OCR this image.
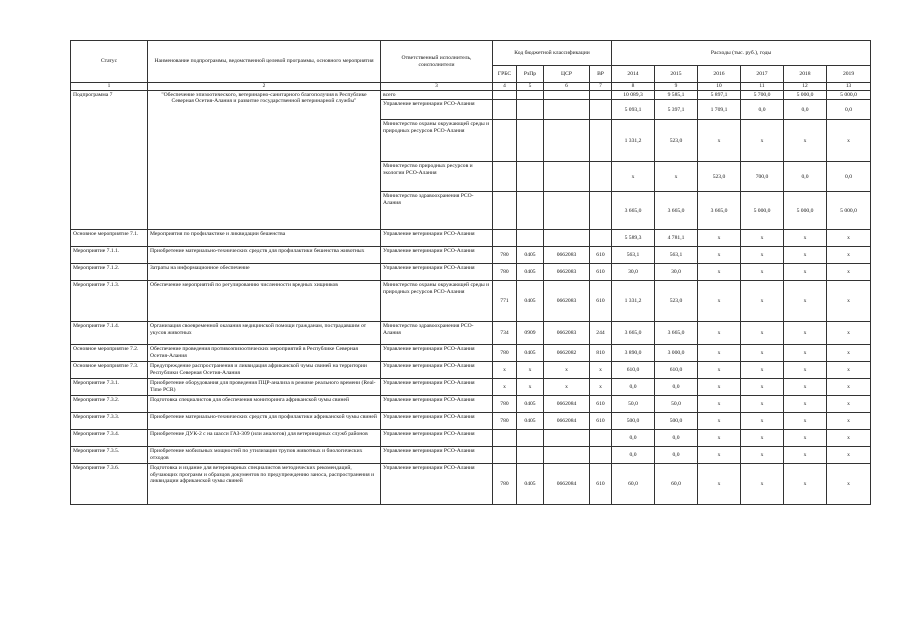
Статус	Наименование подпрограммы, ведомственной целевой программы, основного мероприятия	Ответственный исполнитель, соисполнители	Код бюджетной классификации				Расходы (тыс. руб.), годы					
			ГРБС	РзПр	ЦСР	ВР	2014	2015	2016	2017	2018	2019
1	2	3	4	5	6	7	8	9	10	11	12	13
Подпрограмма 7	"Обеспечение эпизоотического, ветеринарно-санитарного благополучия в Республике Северная Осетия-Алания и развитие государственной ветеринарной службы"	всего					10 089,3	9 585,1	5 897,1	5 700,0	5 000,0	5 000,0
		Управление ветеринарии РСО-Алания					5 093,1	5 397,1	1 709,1	0,0	0,0	0,0
		Министерство охраны окружающей среды и природных ресурсов РСО-Алания					1 331,2	523,0	х	х	х	х
		Министерство природных ресурсов и экологии РСО-Алания					х	х	523,0	700,0	0,0	0,0
		Министерство здравоохранения РСО-Алания					3 665,0	3 665,0	3 665,0	5 000,0	5 000,0	5 000,0
Основное мероприятие 7.1.	Мероприятия по профилактике и ликвидации бешенства	Управление ветеринарии РСО-Алания					5 589,3	4 781,1	х	х	х	х
Мероприятие 7.1.1.	Приобретение материально-технических средств для профилактики бешенства животных	Управление ветеринарии РСО-Алания	780	0405	0662083	610	563,1	563,1	х	х	х	х
Мероприятие 7.1.2.	Затраты на информационное обеспечение	Управление ветеринарии РСО-Алания	780	0405	0662083	610	30,0	30,0	х	х	х	х
Мероприятие 7.1.3.	Обеспечение мероприятий по регулированию численности вредных хищников	Министерство охраны окружающей среды и природных ресурсов РСО-Алания	771	0405	0662083	610	1 331,2	523,0	х	х	х	х
Мероприятие 7.1.4.	Организация своевременной оказания медицинской помощи гражданам, пострадавшим от укусов животных	Министерство здравоохранения РСО-Алания	734	0909	0662083	244	3 665,0	3 665,0	х	х	х	х
Основное мероприятие 7.2.	Обеспечение проведения противоэпизоотических мероприятий в Республике Северная Осетия-Алания	Управление ветеринарии РСО-Алания	780	0405	0662082	810	3 890,0	3 000,0	х	х	х	х
Основное мероприятие 7.3.	Предупреждение распространения и ликвидация африканской чумы свиней на территории Республики Северная Осетия-Алания	Управление ветеринарии РСО-Алания	х	х	х	х	610,0	610,0	х	х	х	х
Мероприятие 7.3.1.	Приобретение оборудования для проведения ПЦР-анализа в режиме реального времени (Real-Time PCR)	Управление ветеринарии РСО-Алания	х	х	х	х	0,0	0,0	х	х	х	х
Мероприятие 7.3.2.	Подготовка специалистов для обеспечения мониторинга африканской чумы свиней	Управление ветеринарии РСО-Алания	780	0405	0662084	610	50,0	50,0	х	х	х	х
Мероприятие 7.3.3.	Приобретение материально-технических средств для профилактики африканской чумы свиней	Управление ветеринарии РСО-Алания	780	0405	0662084	610	500,0	500,0	х	х	х	х
Мероприятие 7.3.4.	Приобретение ДУК-2 с на шасси ГАЗ-309 (или аналогов) для ветеринарных служб районов	Управление ветеринарии РСО-Алания					0,0	0,0	х	х	х	х
Мероприятие 7.3.5.	Приобретение мобильных мощностей по утилизации трупов животных и биологических отходов	Управление ветеринарии РСО-Алания					0,0	0,0	х	х	х	х
Мероприятие 7.3.6.	Подготовка и издание для ветеринарных специалистов методических рекомендаций, обучающих программ и образцов документов по предупреждению заноса, распространения и ликвидации африканской чумы свиней	Управление ветеринарии РСО-Алания	780	0405	0662084	610	60,0	60,0	х	х	х	х
